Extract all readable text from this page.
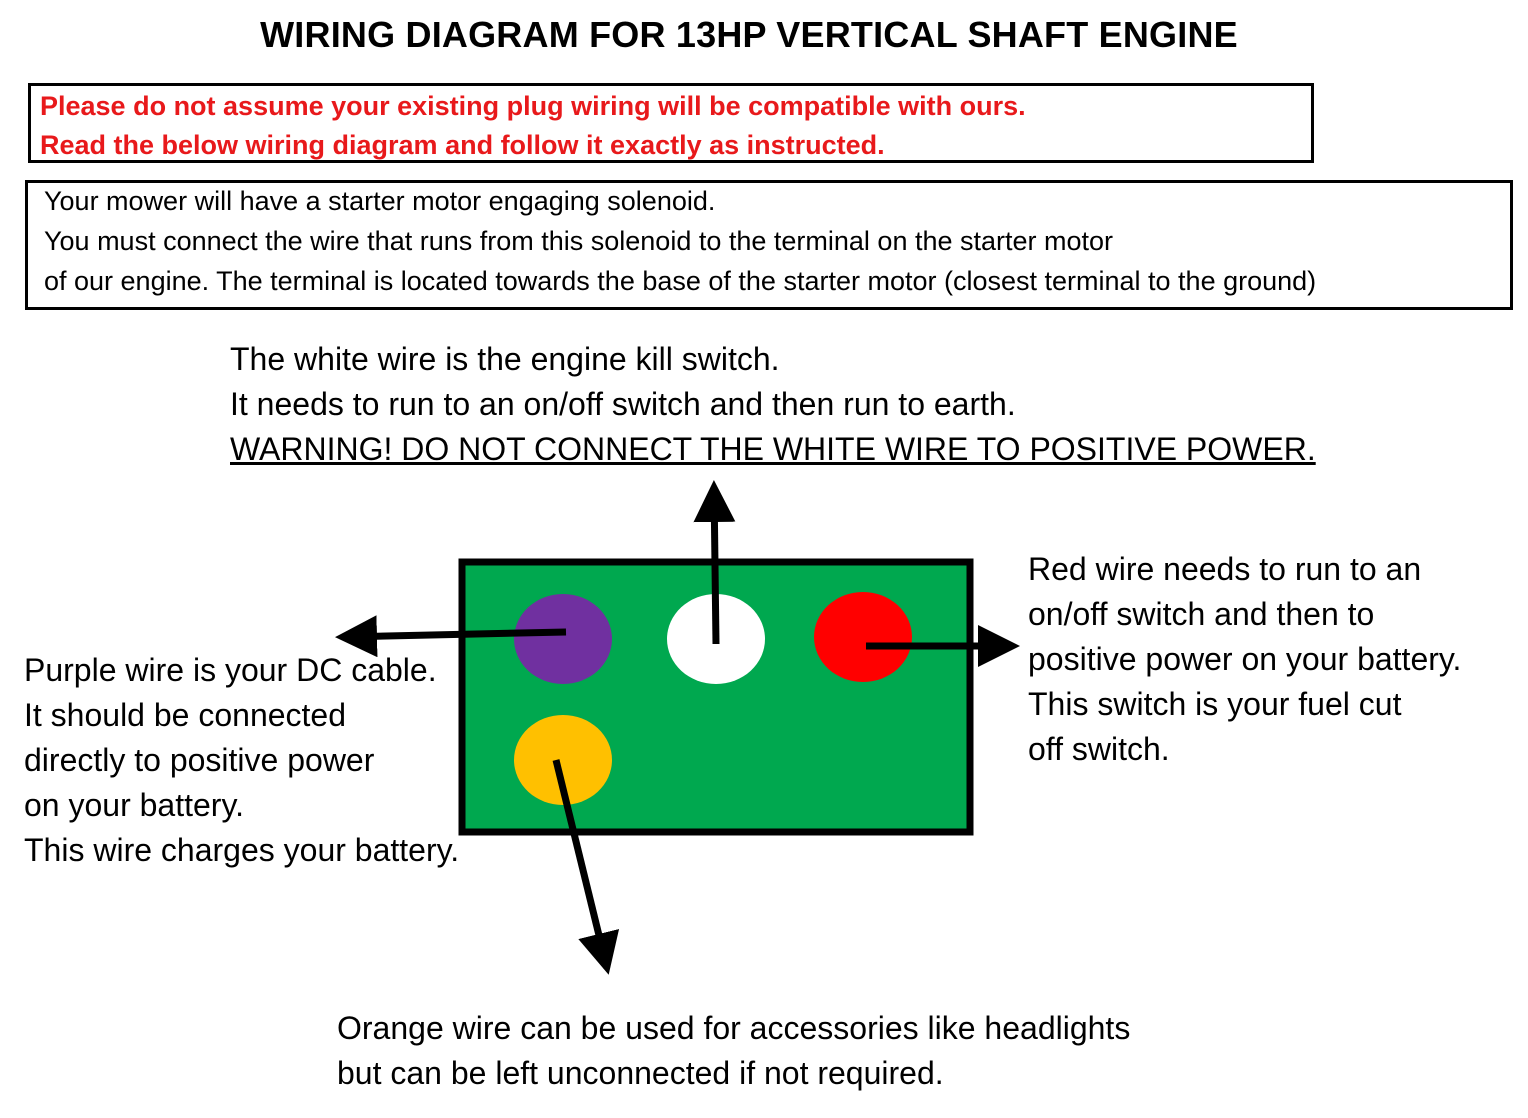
WIRING DIAGRAM FOR 13HP VERTICAL SHAFT ENGINE
Please do not assume your existing plug wiring will be compatible with ours.
Read the below wiring diagram and follow it exactly as instructed.
Your mower will have a starter motor engaging solenoid.
You must connect the wire that runs from this solenoid to the terminal on the starter motor
of our engine. The terminal is located towards the base of the starter motor (closest terminal to the ground)
The white wire is the engine kill switch.
It needs to run to an on/off switch and then run to earth.
WARNING! DO NOT CONNECT THE WHITE WIRE TO POSITIVE POWER.
Red wire needs to run to an
on/off switch and then to
positive power on your battery.
This switch is your fuel cut
off switch.
Purple wire is your DC cable.
It should be connected
directly to positive power
on your battery.
This wire charges your battery.
Orange wire can be used for accessories like headlights
but can be left unconnected if not required.
